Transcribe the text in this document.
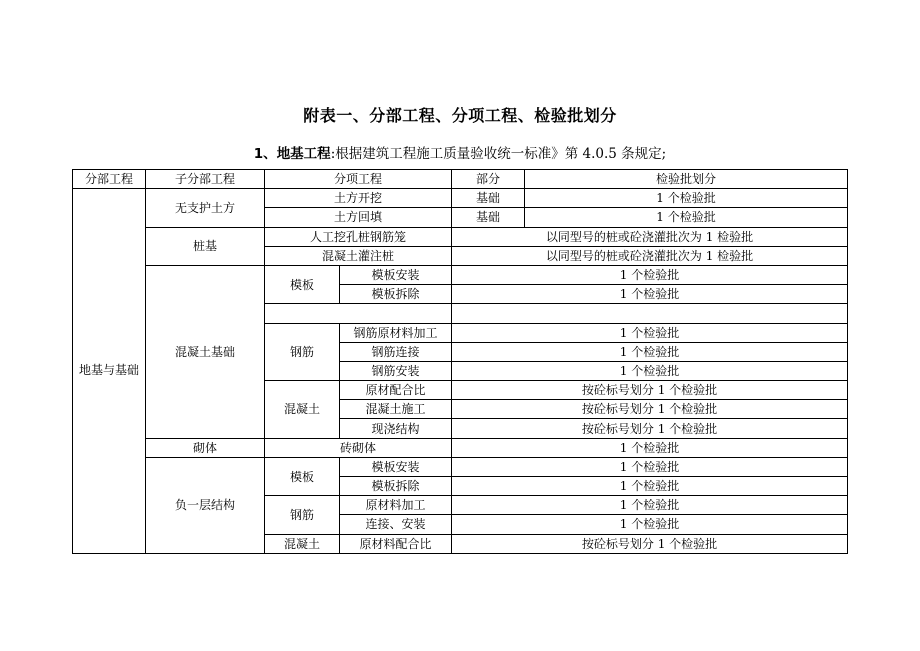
附表一、分部工程、分项工程、检验批划分
1、地基工程:根据建筑工程施工质量验收统一标准》第 4.0.5 条规定;
分部工程	子分部工程	分项工程		部分	检验批划分
地基与基础	无支护土方	土方开挖		基础	1 个检验批
		土方回填		基础	1 个检验批
	桩基	人工挖孔桩钢筋笼		以同型号的桩或砼浇灌批次为 1 检验批	
		混凝土灌注桩		以同型号的桩或砼浇灌批次为 1 检验批	
	混凝土基础	模板	模板安装	1 个检验批	
			模板拆除	1 个检验批	

		钢筋	钢筋原材料加工	1 个检验批	
			钢筋连接	1 个检验批	
			钢筋安装	1 个检验批	
		混凝土	原材配合比	按砼标号划分 1 个检验批	
			混凝土施工	按砼标号划分 1 个检验批	
			现浇结构	按砼标号划分 1 个检验批	
	砌体	砖砌体		1 个检验批	
	负一层结构	模板	模板安装	1 个检验批	
			模板拆除	1 个检验批	
		钢筋	原材料加工	1 个检验批	
			连接、安装	1 个检验批	
		混凝土	原材料配合比	按砼标号划分 1 个检验批	
